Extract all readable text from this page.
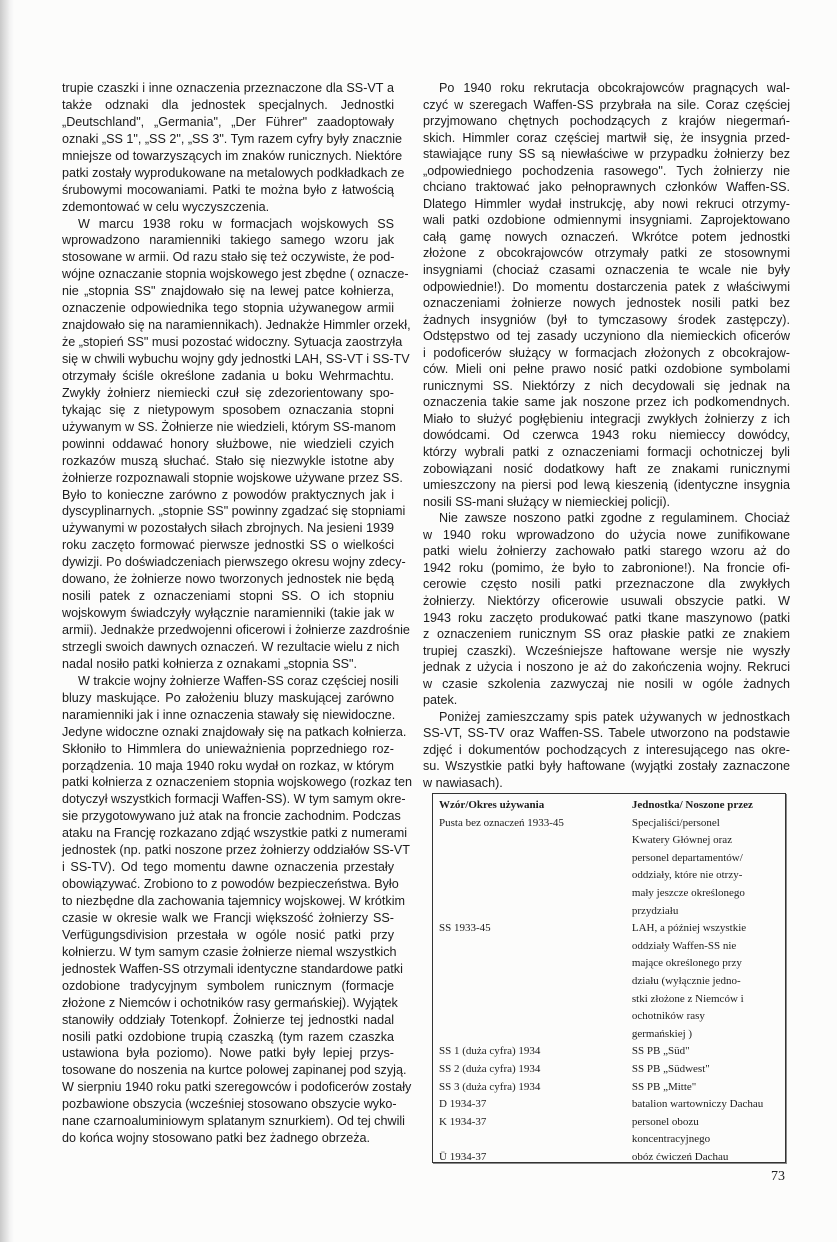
trupie czaszki i inne oznaczenia przeznaczone dla SS-VT a
także odznaki dla jednostek specjalnych. Jednostki
„Deutschland", „Germania", „Der Führer" zaadoptowały
oznaki „SS 1", „SS 2", „SS 3". Tym razem cyfry były znacznie
mniejsze od towarzyszących im znaków runicznych. Niektóre
patki zostały wyprodukowane na metalowych podkładkach ze
śrubowymi mocowaniami. Patki te można było z łatwością
zdemontować w celu wyczyszczenia.
W marcu 1938 roku w formacjach wojskowych SS
wprowadzono naramienniki takiego samego wzoru jak
stosowane w armii. Od razu stało się też oczywiste, że pod-
wójne oznaczanie stopnia wojskowego jest zbędne ( oznacze-
nie „stopnia SS" znajdowało się na lewej patce kołnierza,
oznaczenie odpowiednika tego stopnia używanegow armii
znajdowało się na naramiennikach). Jednakże Himmler orzekł,
że „stopień SS" musi pozostać widoczny. Sytuacja zaostrzyła
się w chwili wybuchu wojny gdy jednostki LAH, SS-VT i SS-TV
otrzymały ściśle określone zadania u boku Wehrmachtu.
Zwykły żołnierz niemiecki czuł się zdezorientowany spo-
tykając się z nietypowym sposobem oznaczania stopni
używanym w SS. Żołnierze nie wiedzieli, którym SS-manom
powinni oddawać honory służbowe, nie wiedzieli czyich
rozkazów muszą słuchać. Stało się niezwykle istotne aby
żołnierze rozpoznawali stopnie wojskowe używane przez SS.
Było to konieczne zarówno z powodów praktycznych jak i
dyscyplinarnych. „stopnie SS" powinny zgadzać się stopniami
używanymi w pozostałych siłach zbrojnych. Na jesieni 1939
roku zaczęto formować pierwsze jednostki SS o wielkości
dywizji. Po doświadczeniach pierwszego okresu wojny zdecy-
dowano, że żołnierze nowo tworzonych jednostek nie będą
nosili patek z oznaczeniami stopni SS. O ich stopniu
wojskowym świadczyły wyłącznie naramienniki (takie jak w
armii). Jednakże przedwojenni oficerowi i żołnierze zazdrośnie
strzegli swoich dawnych oznaczeń. W rezultacie wielu z nich
nadal nosiło patki kołnierza z oznakami „stopnia SS".
W trakcie wojny żołnierze Waffen-SS coraz częściej nosili
bluzy maskujące. Po założeniu bluzy maskującej zarówno
naramienniki jak i inne oznaczenia stawały się niewidoczne.
Jedyne widoczne oznaki znajdowały się na patkach kołnierza.
Skłoniło to Himmlera do unieważnienia poprzedniego roz-
porządzenia. 10 maja 1940 roku wydał on rozkaz, w którym
patki kołnierza z oznaczeniem stopnia wojskowego (rozkaz ten
dotyczył wszystkich formacji Waffen-SS). W tym samym okre-
sie przygotowywano już atak na froncie zachodnim. Podczas
ataku na Francję rozkazano zdjąć wszystkie patki z numerami
jednostek (np. patki noszone przez żołnierzy oddziałów SS-VT
i SS-TV). Od tego momentu dawne oznaczenia przestały
obowiązywać. Zrobiono to z powodów bezpieczeństwa. Było
to niezbędne dla zachowania tajemnicy wojskowej. W krótkim
czasie w okresie walk we Francji większość żołnierzy SS-
Verfügungsdivision przestała w ogóle nosić patki przy
kołnierzu. W tym samym czasie żołnierze niemal wszystkich
jednostek Waffen-SS otrzymali identyczne standardowe patki
ozdobione tradycyjnym symbolem runicznym (formacje
złożone z Niemców i ochotników rasy germańskiej). Wyjątek
stanowiły oddziały Totenkopf. Żołnierze tej jednostki nadal
nosili patki ozdobione trupią czaszką (tym razem czaszka
ustawiona była poziomo). Nowe patki były lepiej przys-
tosowane do noszenia na kurtce polowej zapinanej pod szyją.
W sierpniu 1940 roku patki szeregowców i podoficerów zostały
pozbawione obszycia (wcześniej stosowano obszycie wyko-
nane czarnoaluminiowym splatanym sznurkiem). Od tej chwili
do końca wojny stosowano patki bez żadnego obrzeża.
Po 1940 roku rekrutacja obcokrajowców pragnących wal-
czyć w szeregach Waffen-SS przybrała na sile. Coraz częściej
przyjmowano chętnych pochodzących z krajów niegermań-
skich. Himmler coraz częściej martwił się, że insygnia przed-
stawiające runy SS są niewłaściwe w przypadku żołnierzy bez
„odpowiedniego pochodzenia rasowego". Tych żołnierzy nie
chciano traktować jako pełnoprawnych członków Waffen-SS.
Dlatego Himmler wydał instrukcję, aby nowi rekruci otrzymy-
wali patki ozdobione odmiennymi insygniami. Zaprojektowano
całą gamę nowych oznaczeń. Wkrótce potem jednostki
złożone z obcokrajowców otrzymały patki ze stosownymi
insygniami (chociaż czasami oznaczenia te wcale nie były
odpowiednie!). Do momentu dostarczenia patek z właściwymi
oznaczeniami żołnierze nowych jednostek nosili patki bez
żadnych insygniów (był to tymczasowy środek zastępczy).
Odstępstwo od tej zasady uczyniono dla niemieckich oficerów
i podoficerów służący w formacjach złożonych z obcokrajow-
ców. Mieli oni pełne prawo nosić patki ozdobione symbolami
runicznymi SS. Niektórzy z nich decydowali się jednak na
oznaczenia takie same jak noszone przez ich podkomendnych.
Miało to służyć pogłębieniu integracji zwykłych żołnierzy z ich
dowódcami. Od czerwca 1943 roku niemieccy dowódcy,
którzy wybrali patki z oznaczeniami formacji ochotniczej byli
zobowiązani nosić dodatkowy haft ze znakami runicznymi
umieszczony na piersi pod lewą kieszenią (identyczne insygnia
nosili SS-mani służący w niemieckiej policji).
Nie zawsze noszono patki zgodne z regulaminem. Chociaż
w 1940 roku wprowadzono do użycia nowe zunifikowane
patki wielu żołnierzy zachowało patki starego wzoru aż do
1942 roku (pomimo, że było to zabronione!). Na froncie ofi-
cerowie często nosili patki przeznaczone dla zwykłych
żołnierzy. Niektórzy oficerowie usuwali obszycie patki. W
1943 roku zaczęto produkować patki tkane maszynowo (patki
z oznaczeniem runicznym SS oraz płaskie patki ze znakiem
trupiej czaszki). Wcześniejsze haftowane wersje nie wyszły
jednak z użycia i noszono je aż do zakończenia wojny. Rekruci
w czasie szkolenia zazwyczaj nie nosili w ogóle żadnych
patek.
Poniżej zamieszczamy spis patek używanych w jednostkach
SS-VT, SS-TV oraz Waffen-SS. Tabele utworzono na podstawie
zdjęć i dokumentów pochodzących z interesującego nas okre-
su. Wszystkie patki były haftowane (wyjątki zostały zaznaczone
w nawiasach).
Wzór/Okres używania	Jednostka/ Noszone przez
Pusta bez oznaczeń 1933-45	Specjaliści/personel
Kwatery Głównej oraz
personel departamentów/
oddziały, które nie otrzy-
mały jeszcze określonego
przydziału
SS 1933-45	LAH, a później wszystkie
oddziały Waffen-SS nie
mające określonego przy
działu (wyłącznie jedno-
stki złożone z Niemców i
ochotników rasy
germańskiej )
SS 1 (duża cyfra) 1934	SS PB „Süd"
SS 2 (duża cyfra) 1934	SS PB „Südwest"
SS 3 (duża cyfra) 1934	SS PB „Mitte"
D 1934-37	batalion wartowniczy Dachau
K 1934-37	personel obozu
koncentracyjnego
Ü 1934-37	obóz ćwiczeń Dachau
73
